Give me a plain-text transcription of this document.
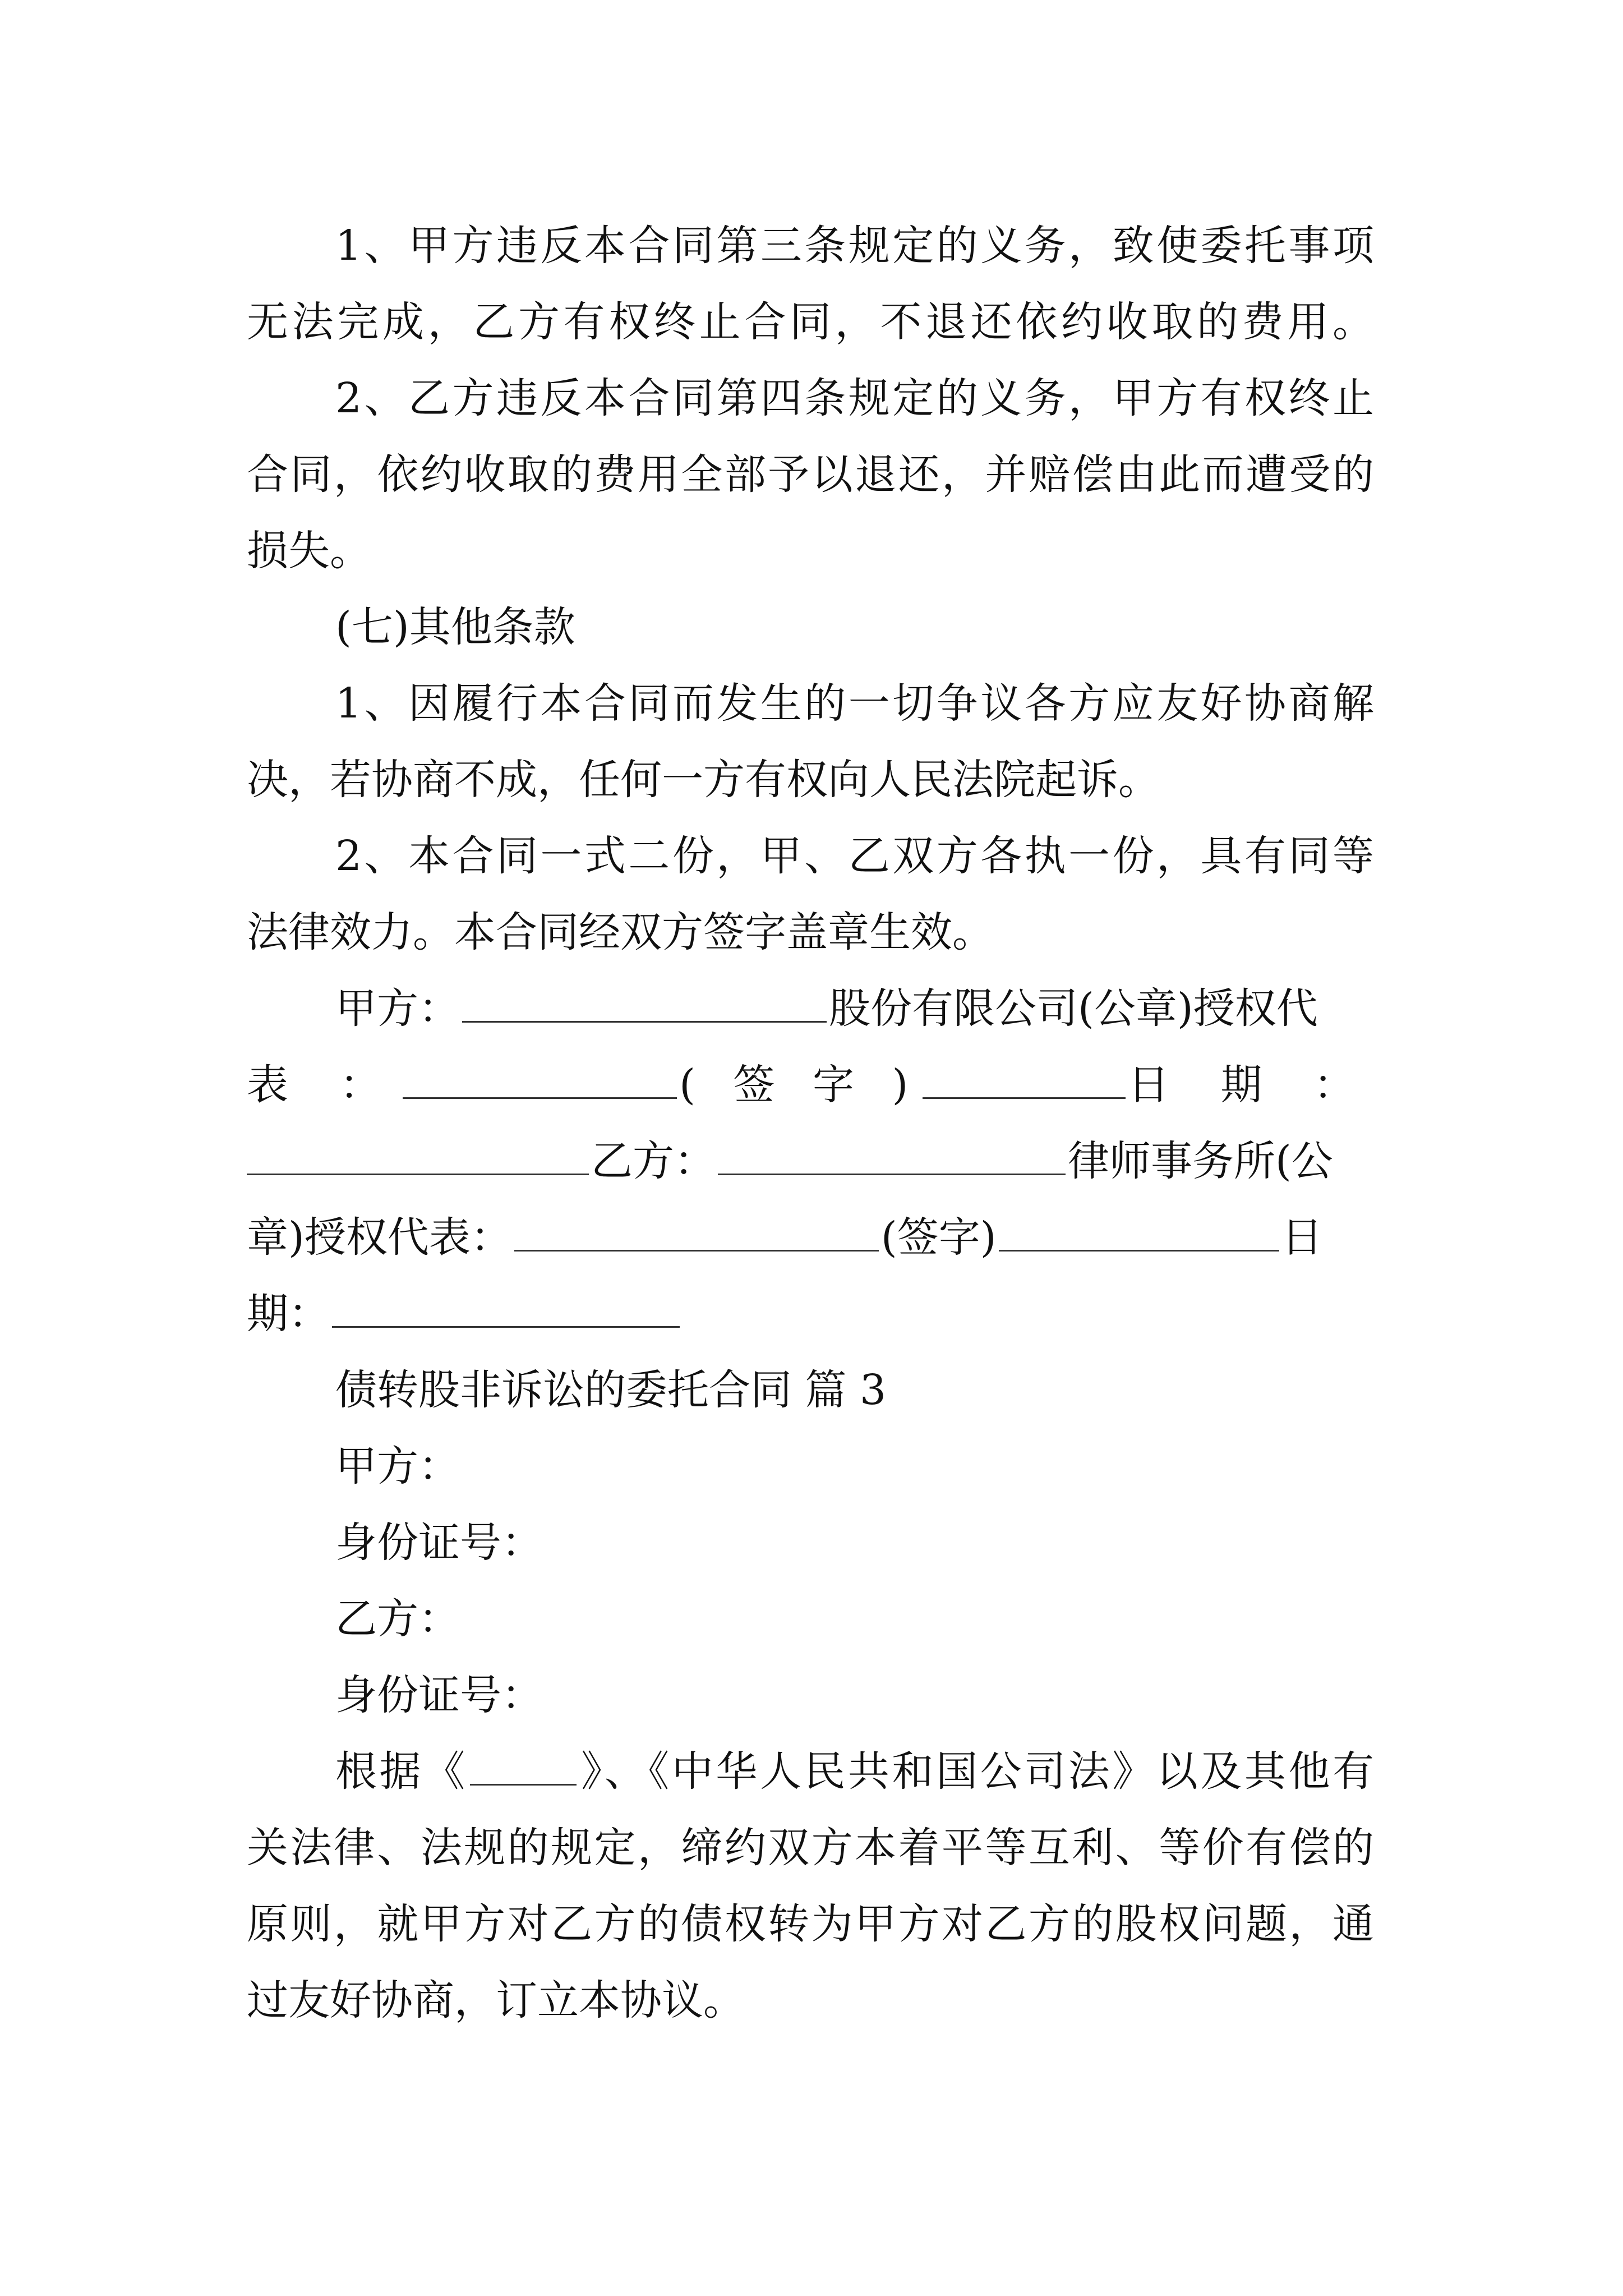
1、甲方违反本合同第三条规定的义务，致使委托事项
无法完成，乙方有权终止合同，不退还依约收取的费用。
2、乙方违反本合同第四条规定的义务，甲方有权终止
合同，依约收取的费用全部予以退还，并赔偿由此而遭受的
损失。
(七)其他条款
1、因履行本合同而发生的一切争议各方应友好协商解
决，若协商不成，任何一方有权向人民法院起诉。
2、本合同一式二份，甲、乙双方各执一份，具有同等
法律效力。本合同经双方签字盖章生效。
甲方：	股份有限公司(公章)授权代
表 ：	( 签 字 )	日 期 ：
乙方：	律师事务所(公
章)授权代表：	(签字)	日
期：
债转股非诉讼的委托合同 篇 3
甲方：
身份证号：
乙方：
身份证号：
根据《	》、《中华人民共和国公司法》以及其他有
关法律、法规的规定，缔约双方本着平等互利、等价有偿的
原则，就甲方对乙方的债权转为甲方对乙方的股权问题，通
过友好协商，订立本协议。
